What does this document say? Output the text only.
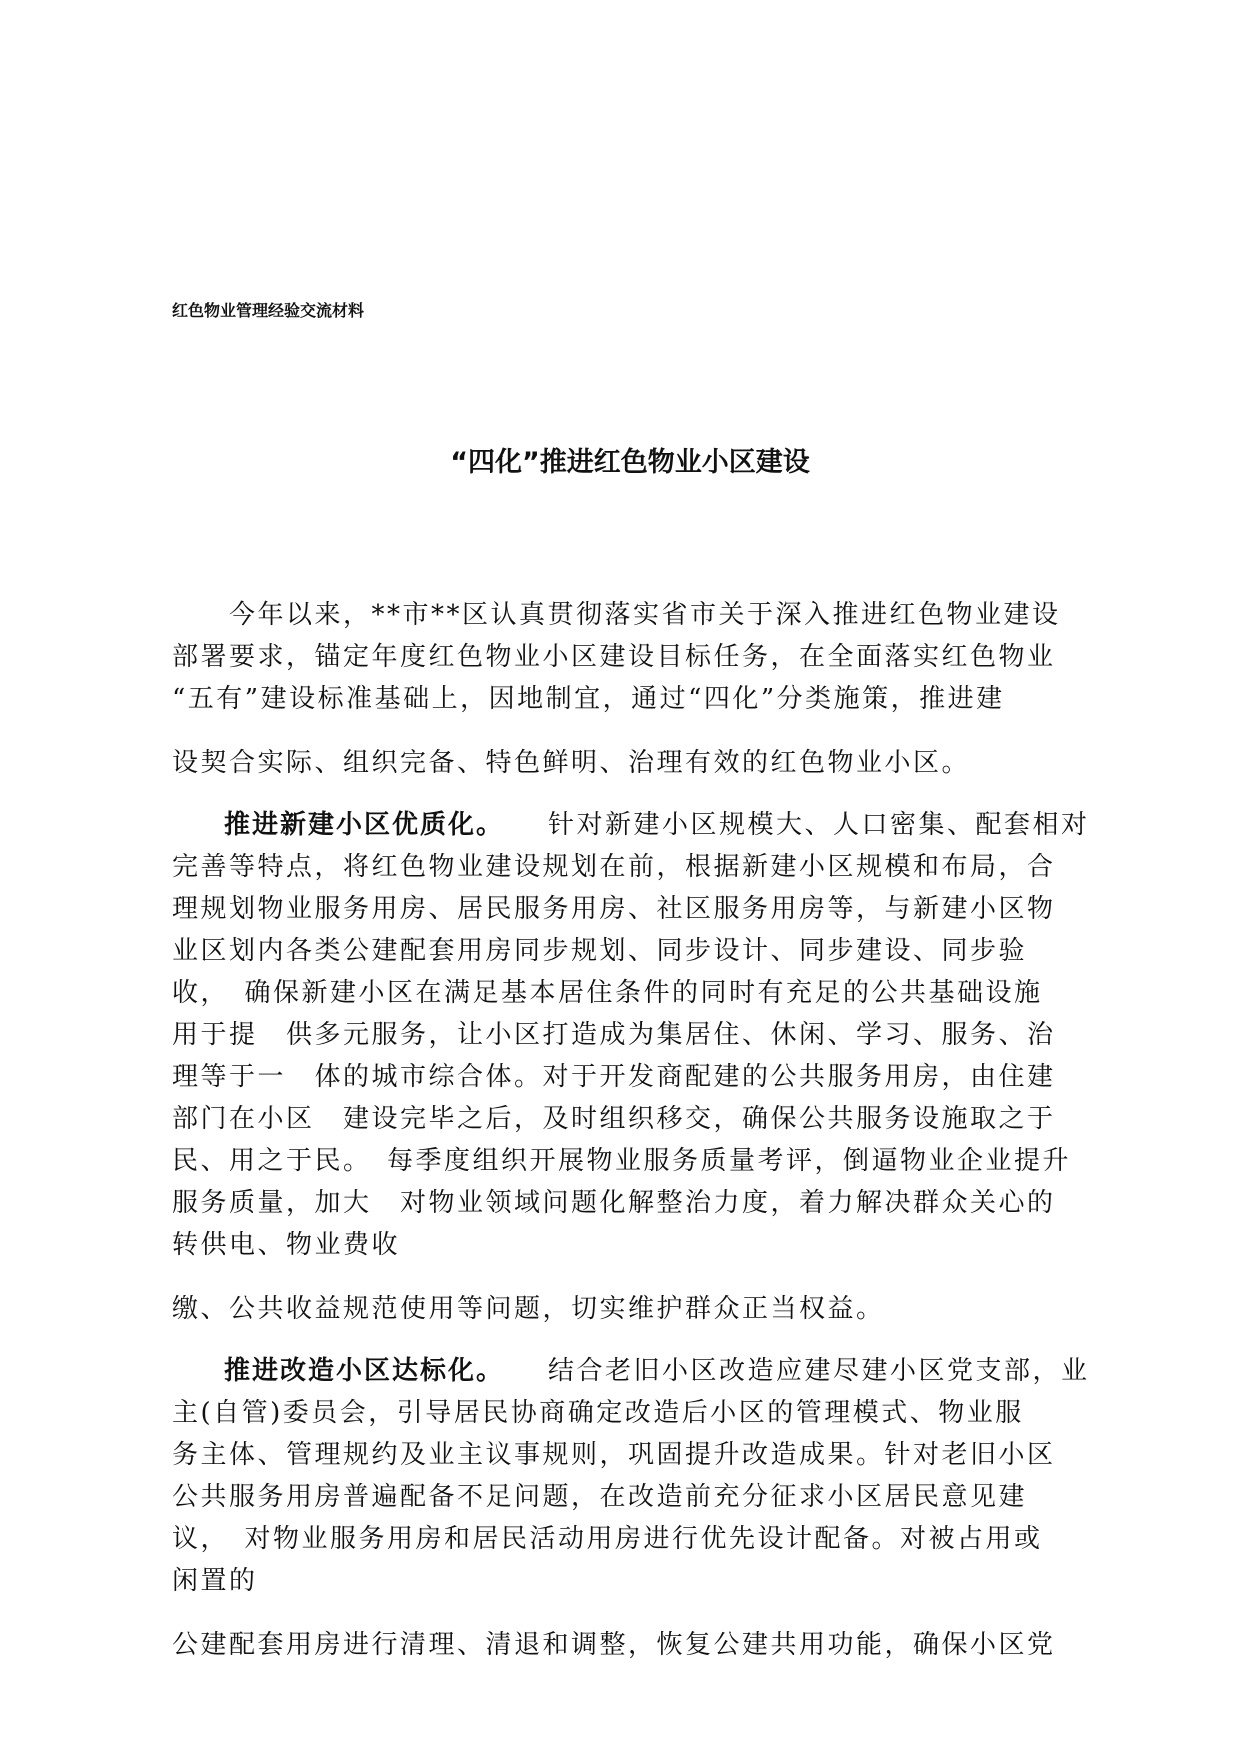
红色物业管理经验交流材料
“四化”推进红色物业小区建设
　　今年以来，**市**区认真贯彻落实省市关于深入推进红色物业建设
部署要求，锚定年度红色物业小区建设目标任务，在全面落实红色物业
“五有”建设标准基础上，因地制宜，通过“四化”分类施策，推进建
设契合实际、组织完备、特色鲜明、治理有效的红色物业小区。
　　推进新建小区优质化。　　针对新建小区规模大、人口密集、配套相对
完善等特点，将红色物业建设规划在前，根据新建小区规模和布局，合
理规划物业服务用房、居民服务用房、社区服务用房等，与新建小区物
业区划内各类公建配套用房同步规划、同步设计、同步建设、同步验
收，　确保新建小区在满足基本居住条件的同时有充足的公共基础设施
用于提　供多元服务，让小区打造成为集居住、休闲、学习、服务、治
理等于一　体的城市综合体。对于开发商配建的公共服务用房，由住建
部门在小区　建设完毕之后，及时组织移交，确保公共服务设施取之于
民、用之于民。　每季度组织开展物业服务质量考评，倒逼物业企业提升
服务质量，加大　对物业领域问题化解整治力度，着力解决群众关心的
转供电、物业费收
缴、公共收益规范使用等问题，切实维护群众正当权益。
　　推进改造小区达标化。　　结合老旧小区改造应建尽建小区党支部，业
主(自管)委员会，引导居民协商确定改造后小区的管理模式、物业服
务主体、管理规约及业主议事规则，巩固提升改造成果。针对老旧小区
公共服务用房普遍配备不足问题，在改造前充分征求小区居民意见建
议，　对物业服务用房和居民活动用房进行优先设计配备。对被占用或
闲置的
公建配套用房进行清理、清退和调整，恢复公建共用功能，确保小区党
